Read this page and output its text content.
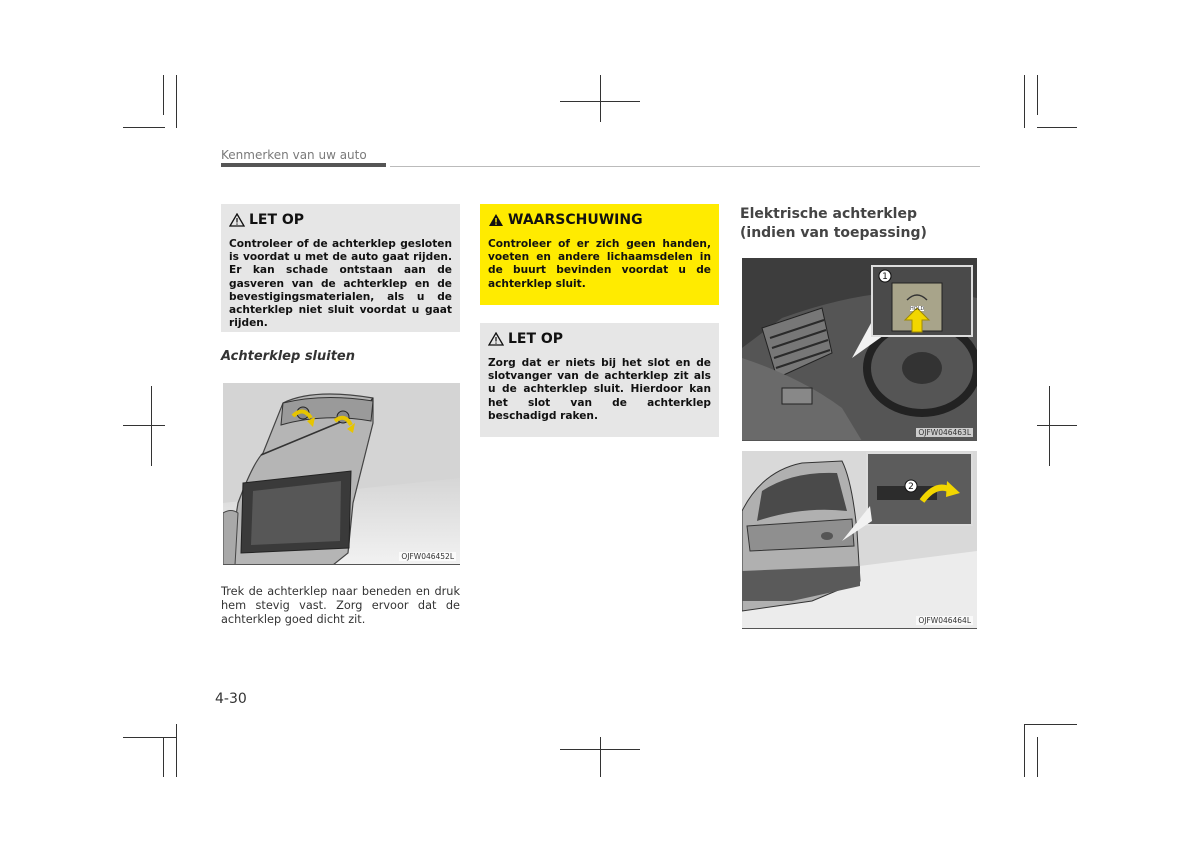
Kenmerken van uw auto
LET OP

Controleer of de achterklep gesloten is voordat u met de auto gaat rijden. Er kan schade ontstaan aan de gasveren van de achterklep en de bevestigingsmaterialen, als u de achterklep niet sluit voordat u gaat rijden.

Achterklep sluiten
OJFW046452L

Trek de achterklep naar beneden en druk hem stevig vast. Zorg ervoor dat de achterklep goed dicht zit.

WAARSCHUWING

Controleer of er zich geen handen, voeten en andere lichaamsdelen in de buurt bevinden voordat u de achterklep sluit.

LET OP

Zorg dat er niets bij het slot en de slotvanger van de achterklep zit als u de achterklep sluit. Hierdoor kan het slot van de achterklep beschadigd raken.

Elektrische achterklep (indien van toepassing)
1
HOLD
OJFW046463L
2
OJFW046464L
4-30
